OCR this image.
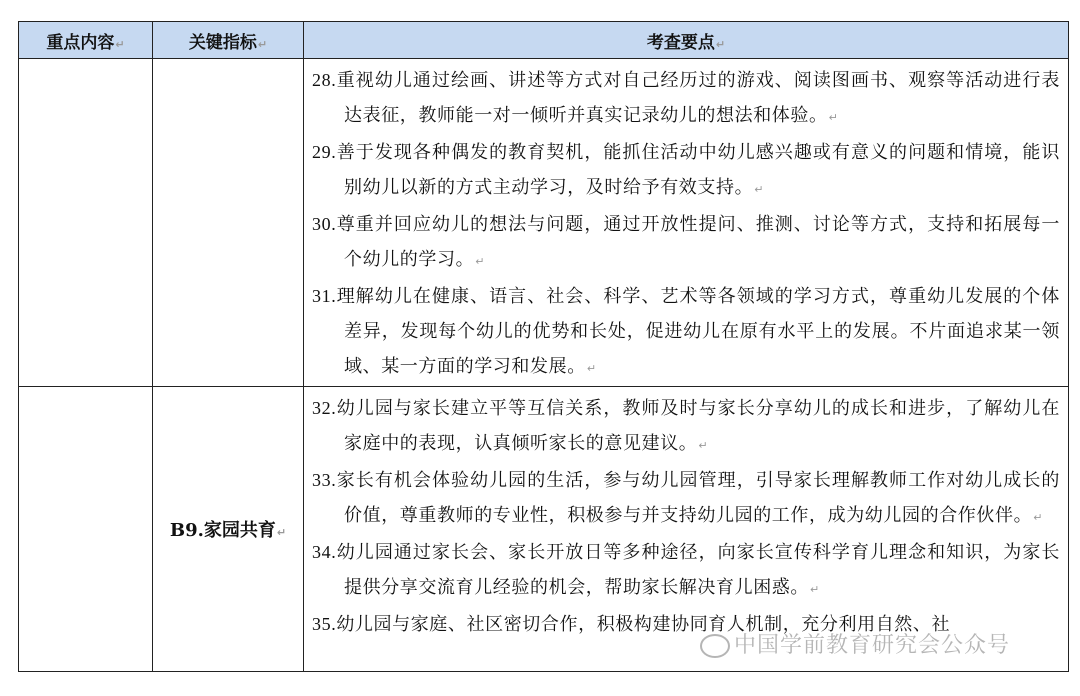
重点内容↵	关键指标↵	考查要点↵

		28.重视幼儿通过绘画、讲述等方式对自己经历过的游戏、阅读图画书、观察等活动进行表达表征，教师能一对一倾听并真实记录幼儿的想法和体验。↵

29.善于发现各种偶发的教育契机，能抓住活动中幼儿感兴趣或有意义的问题和情境，能识别幼儿以新的方式主动学习，及时给予有效支持。↵

30.尊重并回应幼儿的想法与问题，通过开放性提问、推测、讨论等方式，支持和拓展每一个幼儿的学习。↵

31.理解幼儿在健康、语言、社会、科学、艺术等各领域的学习方式，尊重幼儿发展的个体差异，发现每个幼儿的优势和长处，促进幼儿在原有水平上的发展。不片面追求某一领域、某一方面的学习和发展。↵

	B9.家园共育↵	32.幼儿园与家长建立平等互信关系，教师及时与家长分享幼儿的成长和进步，了解幼儿在家庭中的表现，认真倾听家长的意见建议。↵

33.家长有机会体验幼儿园的生活，参与幼儿园管理，引导家长理解教师工作对幼儿成长的价值，尊重教师的专业性，积极参与并支持幼儿园的工作，成为幼儿园的合作伙伴。↵

34.幼儿园通过家长会、家长开放日等多种途径，向家长宣传科学育儿理念和知识，为家长提供分享交流育儿经验的机会，帮助家长解决育儿困惑。↵

35.幼儿园与家庭、社区密切合作，积极构建协同育人机制，充分利用自然、社

中国学前教育研究会公众号
